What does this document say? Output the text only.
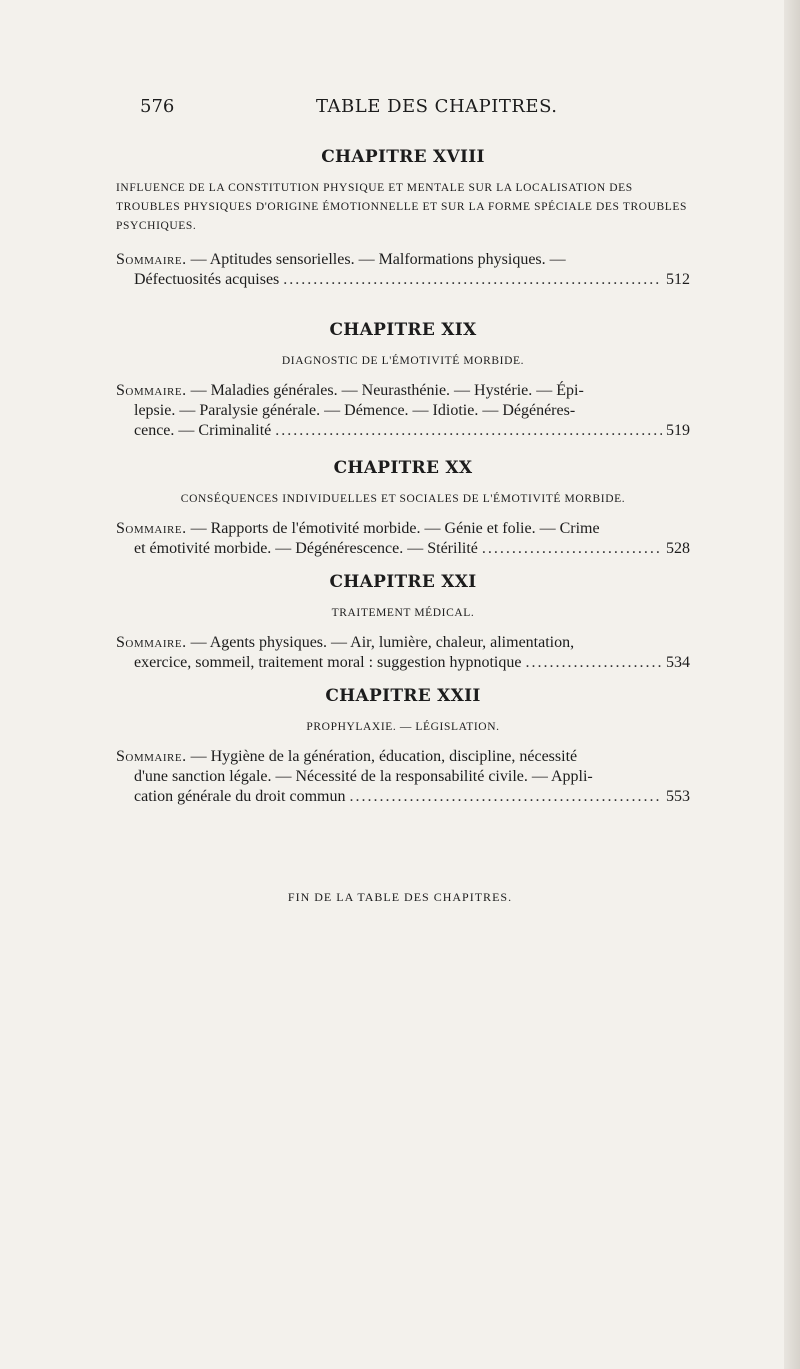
576	TABLE DES CHAPITRES.
CHAPITRE XVIII

INFLUENCE DE LA CONSTITUTION PHYSIQUE ET MENTALE SUR LA LOCALISATION DES TROUBLES PHYSIQUES D'ORIGINE ÉMOTIONNELLE ET SUR LA FORME SPÉCIALE DES TROUBLES PSYCHIQUES.

Sommaire. — Aptitudes sensorielles. — Malformations physiques. —

Défectuosités acquises .....	512
CHAPITRE XIX

DIAGNOSTIC DE L'ÉMOTIVITÉ MORBIDE.

Sommaire. — Maladies générales. — Neurasthénie. — Hystérie. — Épi-

lepsie. — Paralysie générale. — Démence. — Idiotie. — Dégénéres-

cence. — Criminalité .....	519
CHAPITRE XX

CONSÉQUENCES INDIVIDUELLES ET SOCIALES DE L'ÉMOTIVITÉ MORBIDE.

Sommaire. — Rapports de l'émotivité morbide. — Génie et folie. — Crime

et émotivité morbide. — Dégénérescence. — Stérilité .....	528
CHAPITRE XXI

TRAITEMENT MÉDICAL.

Sommaire. — Agents physiques. — Air, lumière, chaleur, alimentation,

exercice, sommeil, traitement moral : suggestion hypnotique .....	534
CHAPITRE XXII

PROPHYLAXIE. — LÉGISLATION.

Sommaire. — Hygiène de la génération, éducation, discipline, nécessité

d'une sanction légale. — Nécessité de la responsabilité civile. — Appli-

cation générale du droit commun .....	553
FIN DE LA TABLE DES CHAPITRES.
